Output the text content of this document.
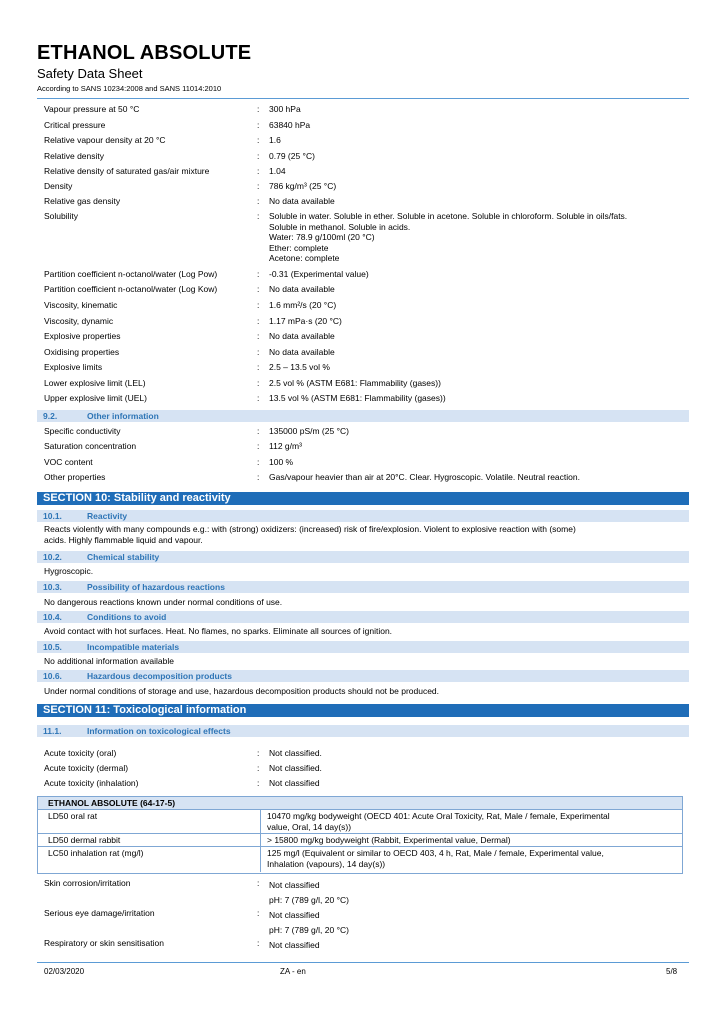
ETHANOL ABSOLUTE
Safety Data Sheet
According to SANS 10234:2008 and SANS 11014:2010
Vapour pressure at 50 °C	: 300 hPa
Critical pressure	: 63840 hPa
Relative vapour density at 20 °C	: 1.6
Relative density	: 0.79 (25 °C)
Relative density of saturated gas/air mixture	: 1.04
Density	: 786 kg/m³ (25 °C)
Relative gas density	: No data available
Solubility	: Soluble in water. Soluble in ether. Soluble in acetone. Soluble in chloroform. Soluble in oils/fats.
Soluble in methanol. Soluble in acids.
Water: 78.9 g/100ml (20 °C)
Ether: complete
Acetone: complete
Partition coefficient n-octanol/water (Log Pow)	: -0.31 (Experimental value)
Partition coefficient n-octanol/water (Log Kow)	: No data available
Viscosity, kinematic	: 1.6 mm²/s (20 °C)
Viscosity, dynamic	: 1.17 mPa·s (20 °C)
Explosive properties	: No data available
Oxidising properties	: No data available
Explosive limits	: 2.5 – 13.5 vol %
Lower explosive limit (LEL)	: 2.5 vol % (ASTM E681: Flammability (gases))
Upper explosive limit (UEL)	: 13.5 vol % (ASTM E681: Flammability (gases))
9.2.	Other information
Specific conductivity	: 135000 pS/m (25 °C)
Saturation concentration	: 112 g/m³
VOC content	: 100 %
Other properties	: Gas/vapour heavier than air at 20°C. Clear. Hygroscopic. Volatile. Neutral reaction.
SECTION 10: Stability and reactivity
10.1.	Reactivity
Reacts violently with many compounds e.g.: with (strong) oxidizers: (increased) risk of fire/explosion. Violent to explosive reaction with (some)
acids. Highly flammable liquid and vapour.
10.2.	Chemical stability
Hygroscopic.
10.3.	Possibility of hazardous reactions
No dangerous reactions known under normal conditions of use.
10.4.	Conditions to avoid
Avoid contact with hot surfaces. Heat. No flames, no sparks. Eliminate all sources of ignition.
10.5.	Incompatible materials
No additional information available
10.6.	Hazardous decomposition products
Under normal conditions of storage and use, hazardous decomposition products should not be produced.
SECTION 11: Toxicological information
11.1.	Information on toxicological effects
Acute toxicity (oral)	: Not classified.
Acute toxicity (dermal)	: Not classified.
Acute toxicity (inhalation)	: Not classified
ETHANOL ABSOLUTE (64-17-5)
LD50 oral rat	10470 mg/kg bodyweight (OECD 401: Acute Oral Toxicity, Rat, Male / female, Experimental
value, Oral, 14 day(s))
LD50 dermal rabbit	> 15800 mg/kg bodyweight (Rabbit, Experimental value, Dermal)
LC50 inhalation rat (mg/l)	125 mg/l (Equivalent or similar to OECD 403, 4 h, Rat, Male / female, Experimental value,
Inhalation (vapours), 14 day(s))
Skin corrosion/irritation	: Not classified
pH: 7 (789 g/l, 20 °C)
Serious eye damage/irritation	: Not classified
pH: 7 (789 g/l, 20 °C)
Respiratory or skin sensitisation	: Not classified
02/03/2020	ZA - en	5/8
